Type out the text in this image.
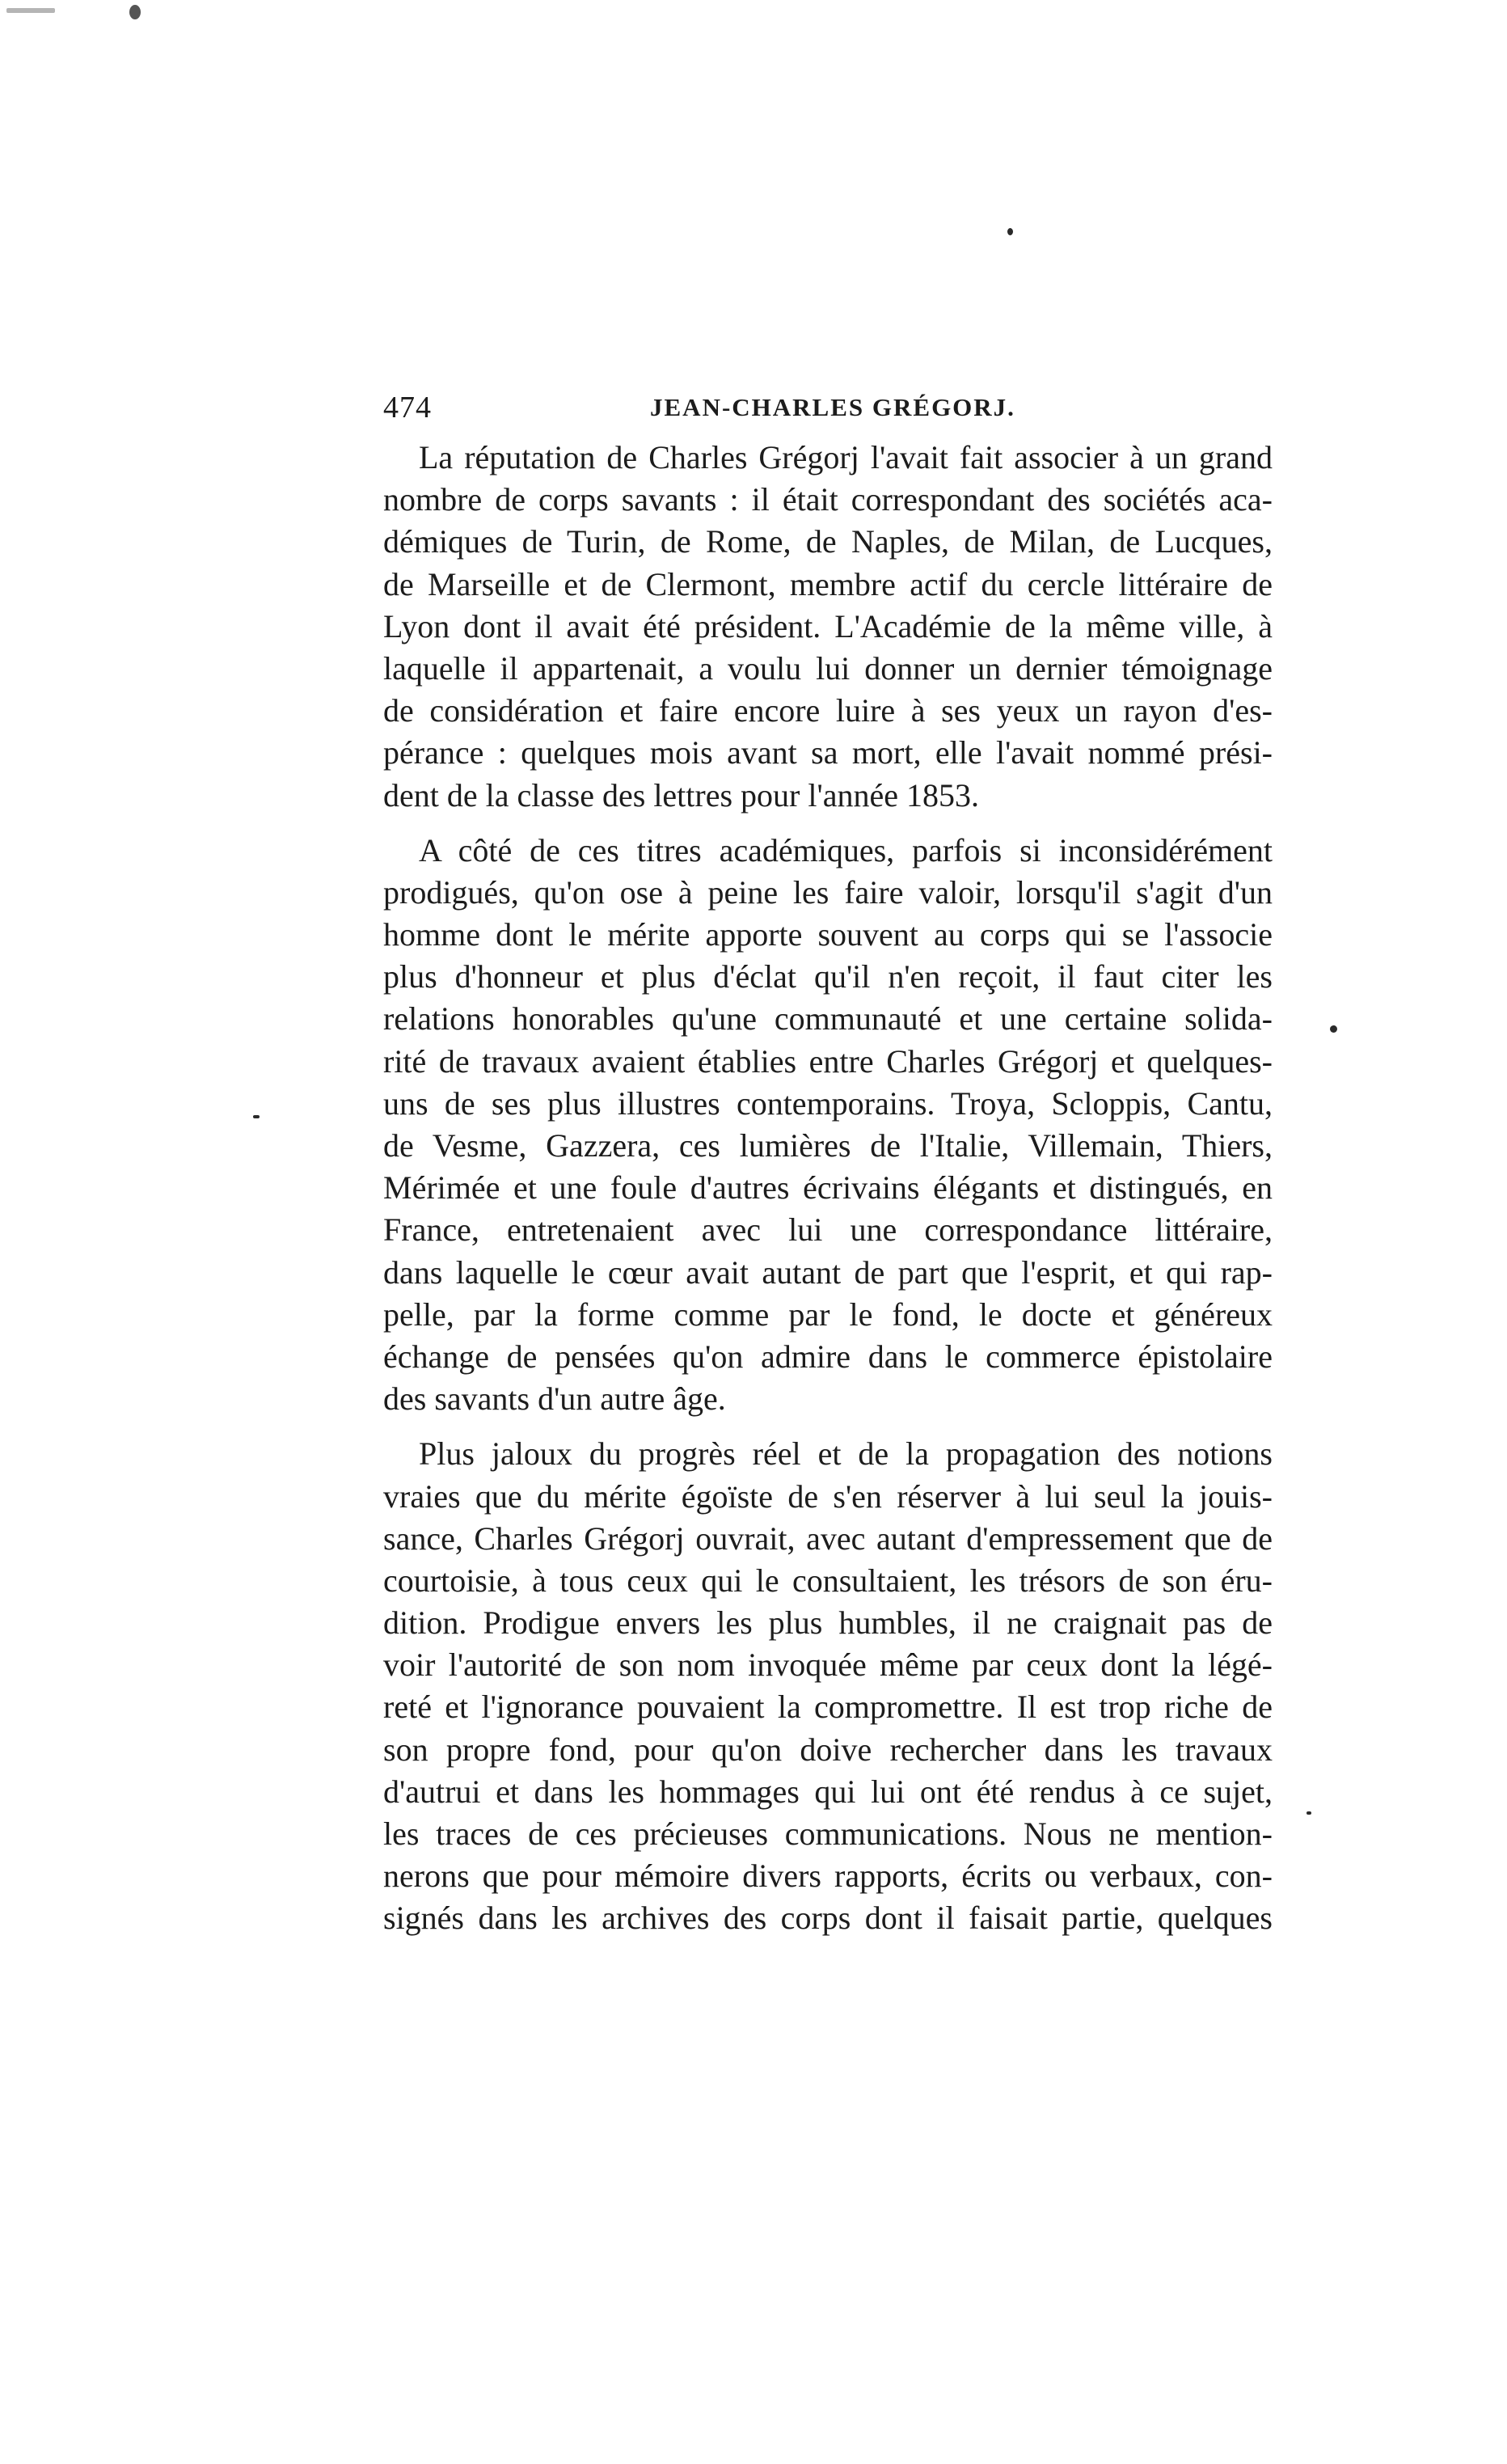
474	JEAN-CHARLES GRÉGORJ.
La réputation de Charles Grégorj l'avait fait associer à un grand
nombre de corps savants : il était correspondant des sociétés aca-
démiques de Turin, de Rome, de Naples, de Milan, de Lucques,
de Marseille et de Clermont, membre actif du cercle littéraire de
Lyon dont il avait été président. L'Académie de la même ville, à
laquelle il appartenait, a voulu lui donner un dernier témoignage
de considération et faire encore luire à ses yeux un rayon d'es-
pérance : quelques mois avant sa mort, elle l'avait nommé prési-
dent de la classe des lettres pour l'année 1853.
A côté de ces titres académiques, parfois si inconsidérément
prodigués, qu'on ose à peine les faire valoir, lorsqu'il s'agit d'un
homme dont le mérite apporte souvent au corps qui se l'associe
plus d'honneur et plus d'éclat qu'il n'en reçoit, il faut citer les
relations honorables qu'une communauté et une certaine solida-
rité de travaux avaient établies entre Charles Grégorj et quelques-
uns de ses plus illustres contemporains. Troya, Scloppis, Cantu,
de Vesme, Gazzera, ces lumières de l'Italie, Villemain, Thiers,
Mérimée et une foule d'autres écrivains élégants et distingués, en
France, entretenaient avec lui une correspondance littéraire,
dans laquelle le cœur avait autant de part que l'esprit, et qui rap-
pelle, par la forme comme par le fond, le docte et généreux
échange de pensées qu'on admire dans le commerce épistolaire
des savants d'un autre âge.
Plus jaloux du progrès réel et de la propagation des notions
vraies que du mérite égoïste de s'en réserver à lui seul la jouis-
sance, Charles Grégorj ouvrait, avec autant d'empressement que de
courtoisie, à tous ceux qui le consultaient, les trésors de son éru-
dition. Prodigue envers les plus humbles, il ne craignait pas de
voir l'autorité de son nom invoquée même par ceux dont la légé-
reté et l'ignorance pouvaient la compromettre. Il est trop riche de
son propre fond, pour qu'on doive rechercher dans les travaux
d'autrui et dans les hommages qui lui ont été rendus à ce sujet,
les traces de ces précieuses communications. Nous ne mention-
nerons que pour mémoire divers rapports, écrits ou verbaux, con-
signés dans les archives des corps dont il faisait partie, quelques
